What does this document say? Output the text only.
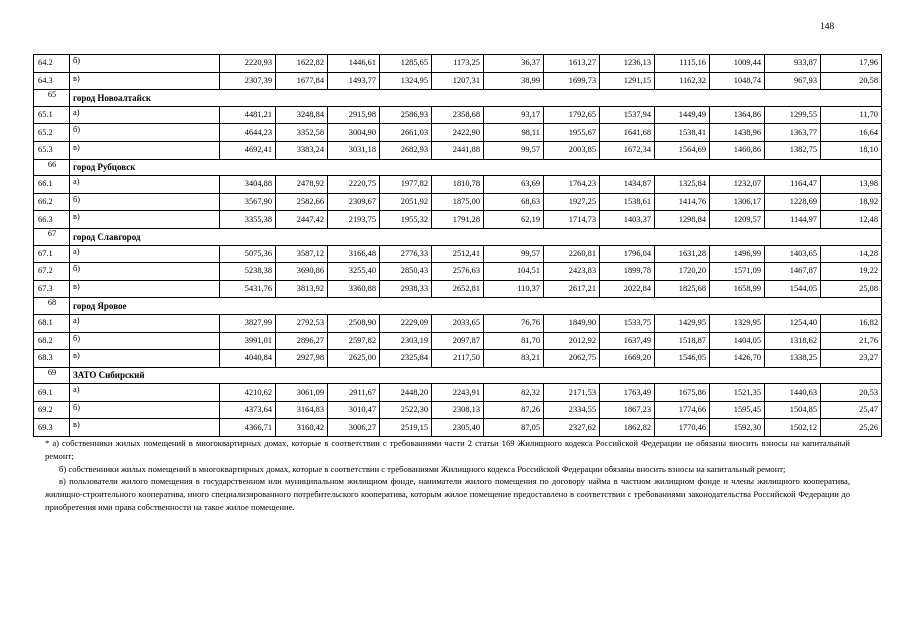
148
64.2	б)	2220,93	1622,82	1446,61	1285,65	1173,25	36,37	1613,27	1236,13	1115,16	1009,44	933,87	17,96
64.3	в)	2307,39	1677,84	1493,77	1324,95	1207,31	38,99	1699,73	1291,15	1162,32	1048,74	967,93	20,58
65	город Новоалтайск												
65.1	а)	4481,21	3248,84	2915,98	2586,93	2358,68	93,17	1792,65	1537,94	1449,49	1364,86	1299,55	11,70
65.2	б)	4644,23	3352,58	3004,90	2661,03	2422,90	98,11	1955,67	1641,68	1538,41	1438,96	1363,77	16,64
65.3	в)	4692,41	3383,24	3031,18	2682,93	2441,88	99,57	2003,85	1672,34	1564,69	1460,86	1382,75	18,10
66	город Рубцовск												
66.1	а)	3404,88	2478,92	2220,75	1977,82	1810,78	63,69	1764,23	1434,87	1325,84	1232,07	1164,47	13,98
66.2	б)	3567,90	2582,66	2309,67	2051,92	1875,00	68,63	1927,25	1538,61	1414,76	1306,17	1228,69	18,92
66.3	в)	3355,38	2447,42	2193,75	1955,32	1791,28	62,19	1714,73	1403,37	1298,84	1209,57	1144,97	12,48
67	город Славгород												
67.1	а)	5075,36	3587,12	3166,48	2776,33	2512,41	99,57	2260,81	1796,04	1631,28	1496,99	1403,65	14,28
67.2	б)	5238,38	3690,86	3255,40	2850,43	2576,63	104,51	2423,83	1899,78	1720,20	1571,09	1467,87	19,22
67.3	в)	5431,76	3813,92	3360,88	2938,33	2652,81	110,37	2617,21	2022,84	1825,68	1658,99	1544,05	25,08
68	город Яровое												
68.1	а)	3827,99	2792,53	2508,90	2229,09	2033,65	76,76	1849,90	1533,75	1429,95	1329,95	1254,40	16,82
68.2	б)	3991,01	2896,27	2597,82	2303,19	2097,87	81,70	2012,92	1637,49	1518,87	1404,05	1318,62	21,76
68.3	в)	4040,84	2927,98	2625,00	2325,84	2117,50	83,21	2062,75	1669,20	1546,05	1426,70	1338,25	23,27
69	ЗАТО Сибирский												
69.1	а)	4210,62	3061,09	2911,67	2448,20	2243,91	82,32	2171,53	1763,49	1675,86	1521,35	1440,63	20,53
69.2	б)	4373,64	3164,83	3010,47	2522,30	2308,13	87,26	2334,55	1867,23	1774,66	1595,45	1504,85	25,47
69.3	в)	4366,71	3160,42	3006,27	2519,15	2305,40	87,05	2327,62	1862,82	1770,46	1592,30	1502,12	25,26

* а) собственники жилых помещений в многоквартирных домах, которые в соответствии с требованиями части 2 статьи 169 Жилищного кодекса Российской Федерации не обязаны вносить взносы на капитальный ремонт;

б) собственники жилых помещений в многоквартирных домах, которые в соответствии с требованиями Жилищного кодекса Российской Федерации обязаны вносить взносы на капитальный ремонт;

в) пользователи жилого помещения в государственном или муниципальном жилищном фонде, наниматели жилого помещения по договору найма в частном жилищном фонде и члены жилищного кооператива, жилищно-строительного кооператива, иного специализированного потребительского кооператива, которым жилое помещение предоставлено в соответствии с требованиями законодательства Российской Федерации до приобретения ими права собственности на такое жилое помещение.
